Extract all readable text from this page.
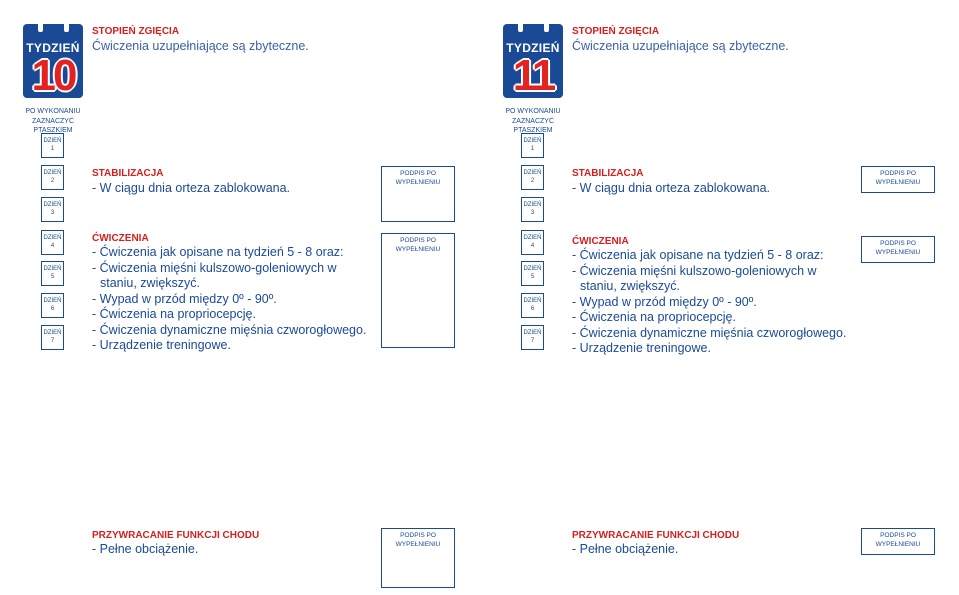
TYDZIEŃ
10
STOPIEŃ ZGIĘCIA
Ćwiczenia uzupełniające są zbyteczne.
PO WYKONANIU ZAZNACZYĆ PTASZKIEM
DZIEŃ
1
DZIEŃ
2
DZIEŃ
3
DZIEŃ
4
DZIEŃ
5
DZIEŃ
6
DZIEŃ
7
STABILIZACJA
- W ciągu dnia orteza zablokowana.
PODPIS PO WYPEŁNIENIU
ĆWICZENIA
- Ćwiczenia jak opisane na tydzień 5 - 8 oraz:
- Ćwiczenia mięśni kulszowo-goleniowych w
staniu, zwiększyć.
- Wypad w przód między 0º - 90º.
- Ćwiczenia na propriocepcję.
- Ćwiczenia dynamiczne mięśnia czworogłowego.
- Urządzenie treningowe.
PODPIS PO WYPEŁNIENIU
PRZYWRACANIE FUNKCJI CHODU
- Pełne obciążenie.
PODPIS PO WYPEŁNIENIU
TYDZIEŃ
11
STOPIEŃ ZGIĘCIA
Ćwiczenia uzupełniające są zbyteczne.
PO WYKONANIU ZAZNACZYĆ PTASZKIEM
DZIEŃ
1
DZIEŃ
2
DZIEŃ
3
DZIEŃ
4
DZIEŃ
5
DZIEŃ
6
DZIEŃ
7
STABILIZACJA
- W ciągu dnia orteza zablokowana.
PODPIS PO WYPEŁNIENIU
ĆWICZENIA
- Ćwiczenia jak opisane na tydzień 5 - 8 oraz:
- Ćwiczenia mięśni kulszowo-goleniowych w
staniu, zwiększyć.
- Wypad w przód między 0º - 90º.
- Ćwiczenia na propriocepcję.
- Ćwiczenia dynamiczne mięśnia czworogłowego.
- Urządzenie treningowe.
PODPIS PO WYPEŁNIENIU
PRZYWRACANIE FUNKCJI CHODU
- Pełne obciążenie.
PODPIS PO WYPEŁNIENIU
